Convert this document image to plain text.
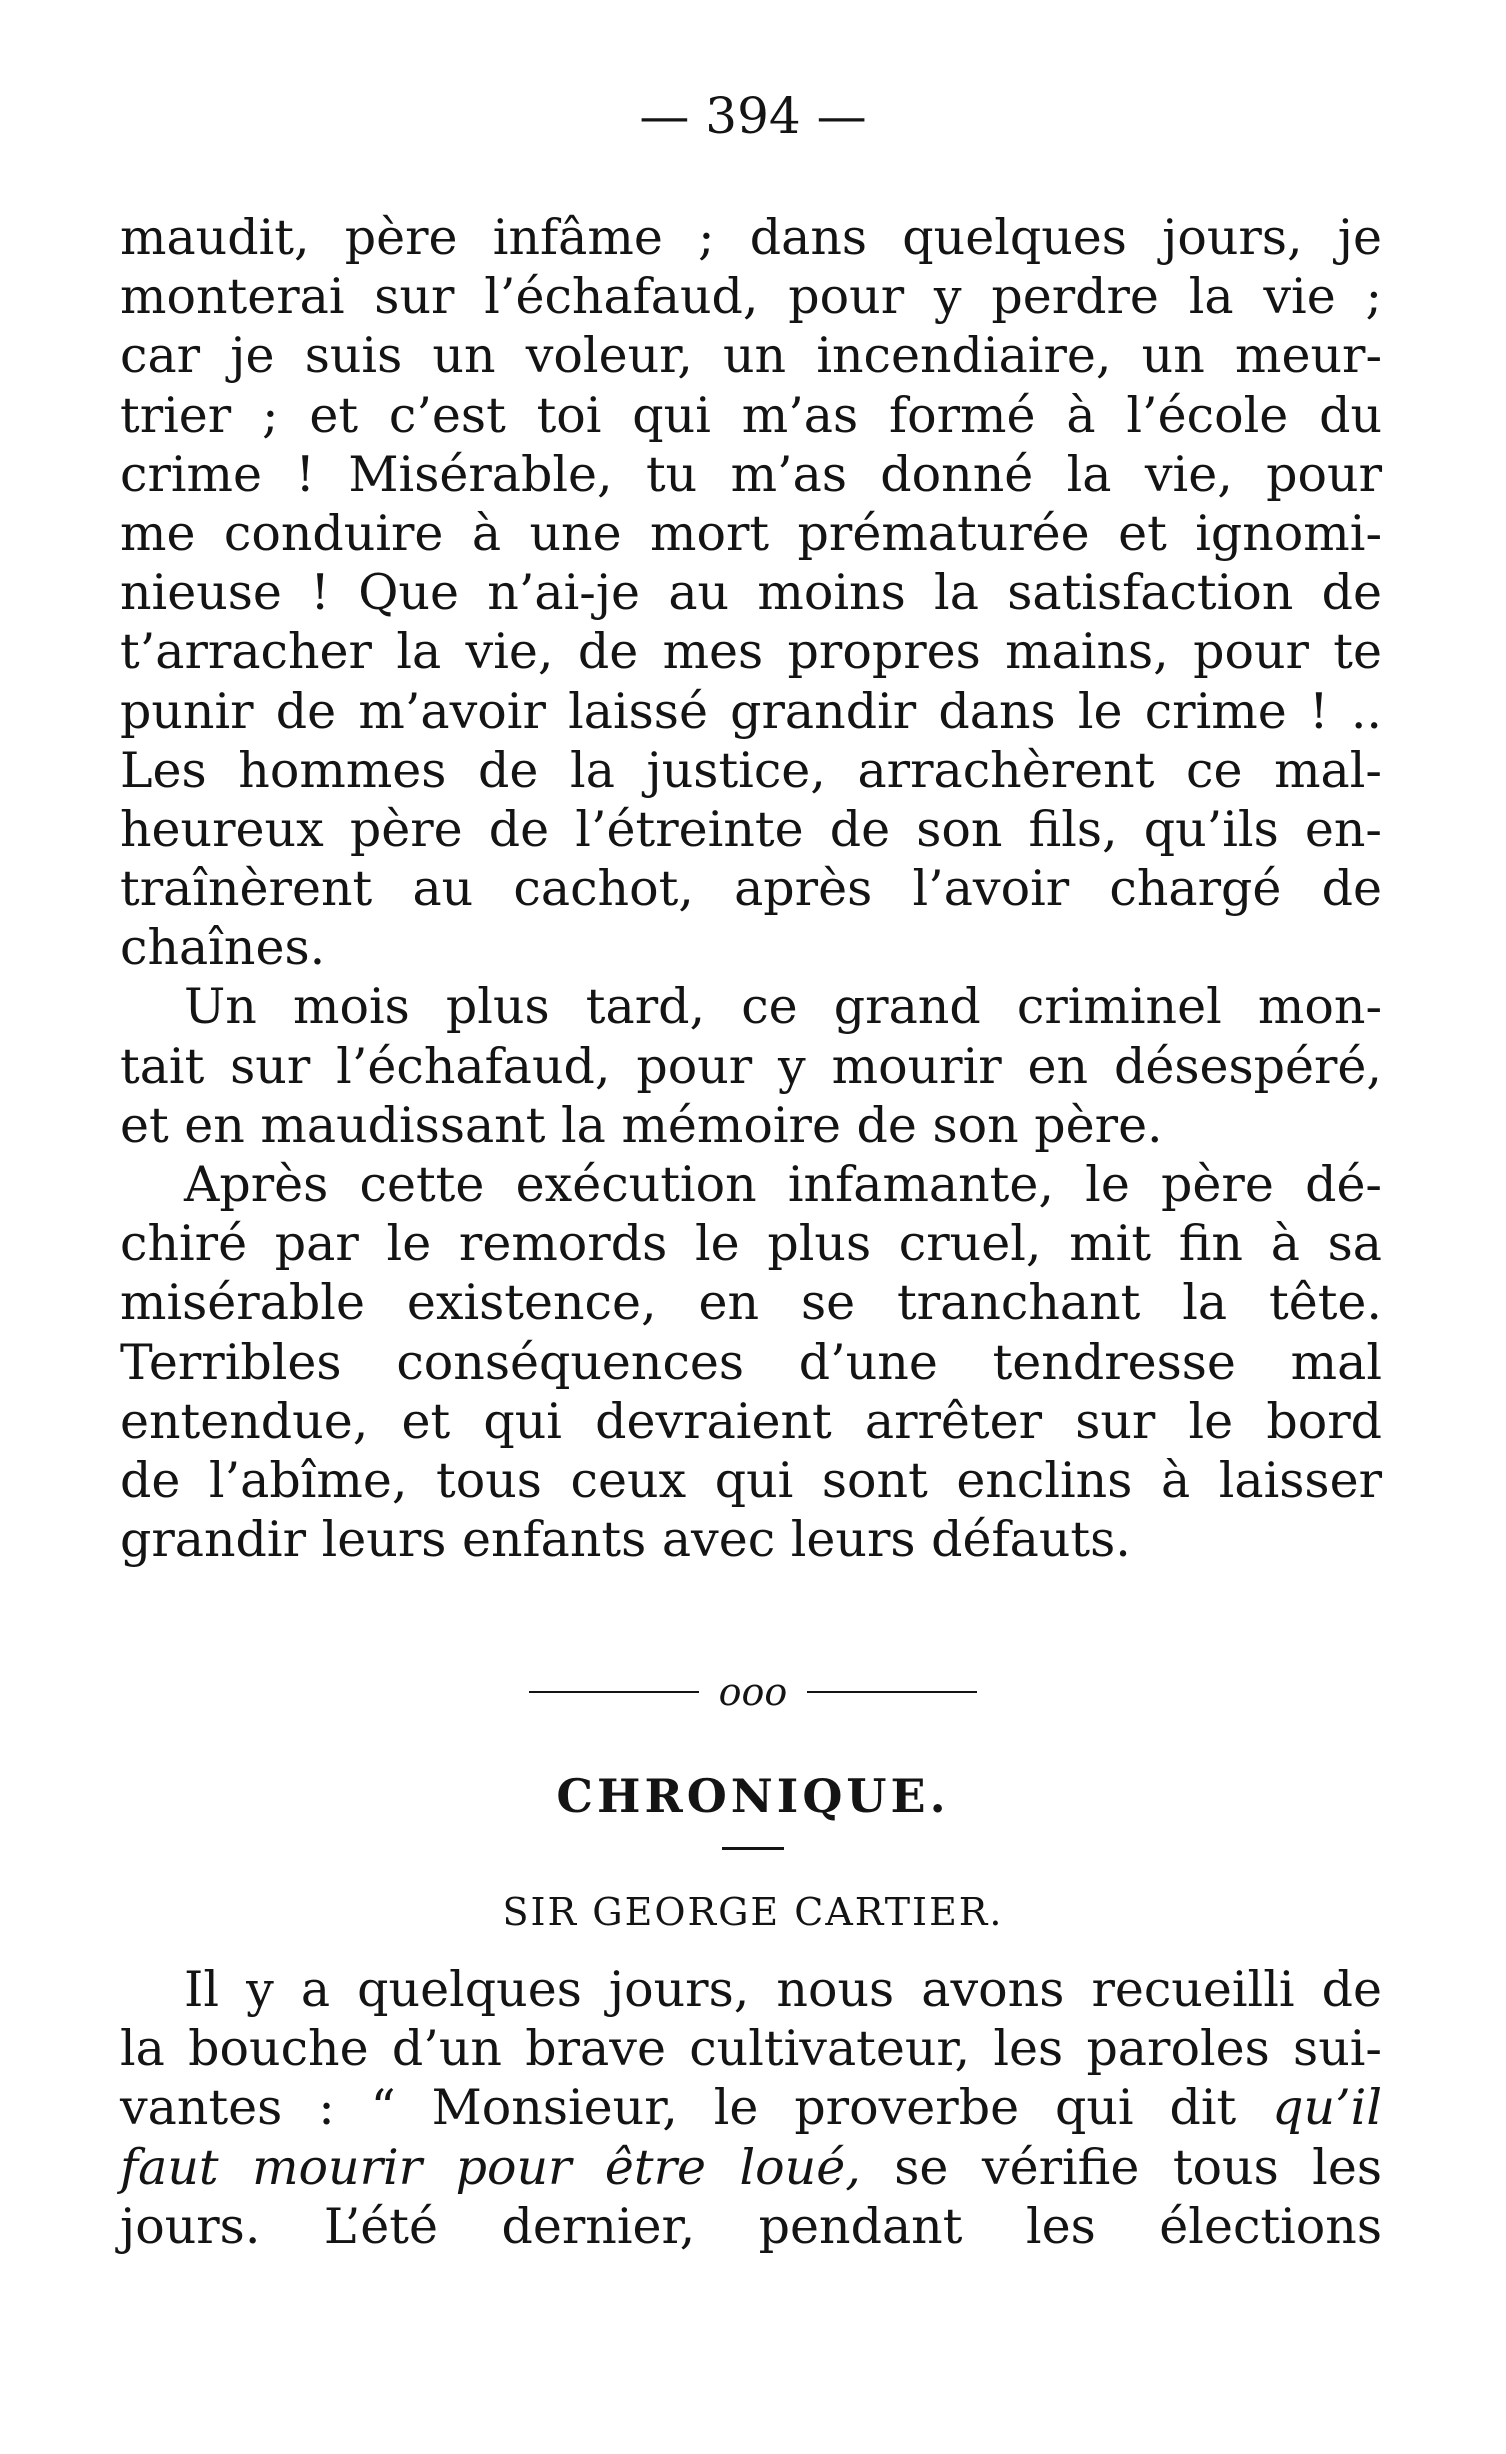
— 394 —
maudit, père infâme ; dans quelques jours, je
monterai sur l’échafaud, pour y perdre la vie ;
car je suis un voleur, un incendiaire, un meur-
trier ; et c’est toi qui m’as formé à l’école du
crime ! Misérable, tu m’as donné la vie, pour
me conduire à une mort prématurée et ignomi-
nieuse ! Que n’ai-je au moins la satisfaction de
t’arracher la vie, de mes propres mains, pour te
punir de m’avoir laissé grandir dans le crime ! ..
Les hommes de la justice, arrachèrent ce mal-
heureux père de l’étreinte de son fils, qu’ils en-
traînèrent au cachot, après l’avoir chargé de
chaînes.
Un mois plus tard, ce grand criminel mon-
tait sur l’échafaud, pour y mourir en désespéré,
et en maudissant la mémoire de son père.
Après cette exécution infamante, le père dé-
chiré par le remords le plus cruel, mit fin à sa
misérable existence, en se tranchant la tête.
Terribles conséquences d’une tendresse mal
entendue, et qui devraient arrêter sur le bord
de l’abîme, tous ceux qui sont enclins à laisser
grandir leurs enfants avec leurs défauts.
ooo
CHRONIQUE.
SIR GEORGE CARTIER.
Il y a quelques jours, nous avons recueilli de
la bouche d’un brave cultivateur, les paroles sui-
vantes : “ Monsieur, le proverbe qui dit qu’il
faut mourir pour être loué, se vérifie tous les
jours. L’été dernier, pendant les élections
